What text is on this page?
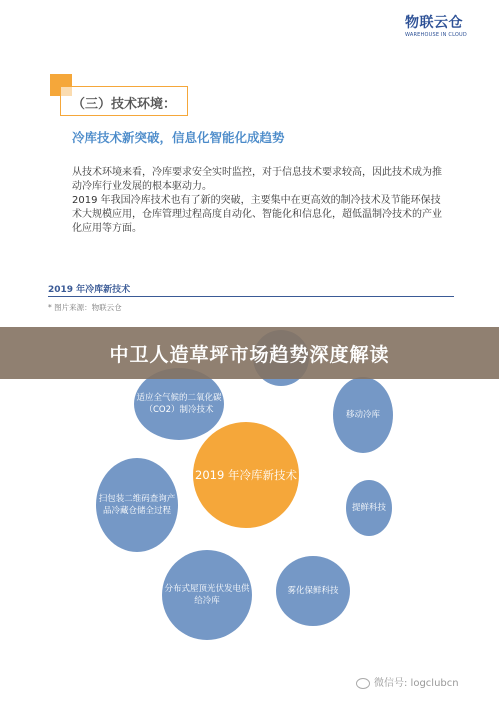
物联云仓
WAREHOUSE IN CLOUD
（三）技术环境：
冷库技术新突破，信息化智能化成趋势

从技术环境来看，冷库要求安全实时监控，对于信息技术要求较高，因此技术成为推动冷库行业发展的根本驱动力。

2019 年我国冷库技术也有了新的突破，主要集中在更高效的制冷技术及节能环保技术大规模应用，仓库管理过程高度自动化、智能化和信息化，超低温制冷技术的产业化应用等方面。

2019 年冷库新技术
* 图片来源：物联云仓
适应全气候的二氧化碳（CO2）制冷技术	移动冷库
2019 年冷库新技术
提鲜科技
扫包装二维码查询产品冷藏仓储全过程
分布式屋顶光伏发电供给冷库
雾化保鲜科技
中卫人造草坪市场趋势深度解读
微信号: logclubcn
